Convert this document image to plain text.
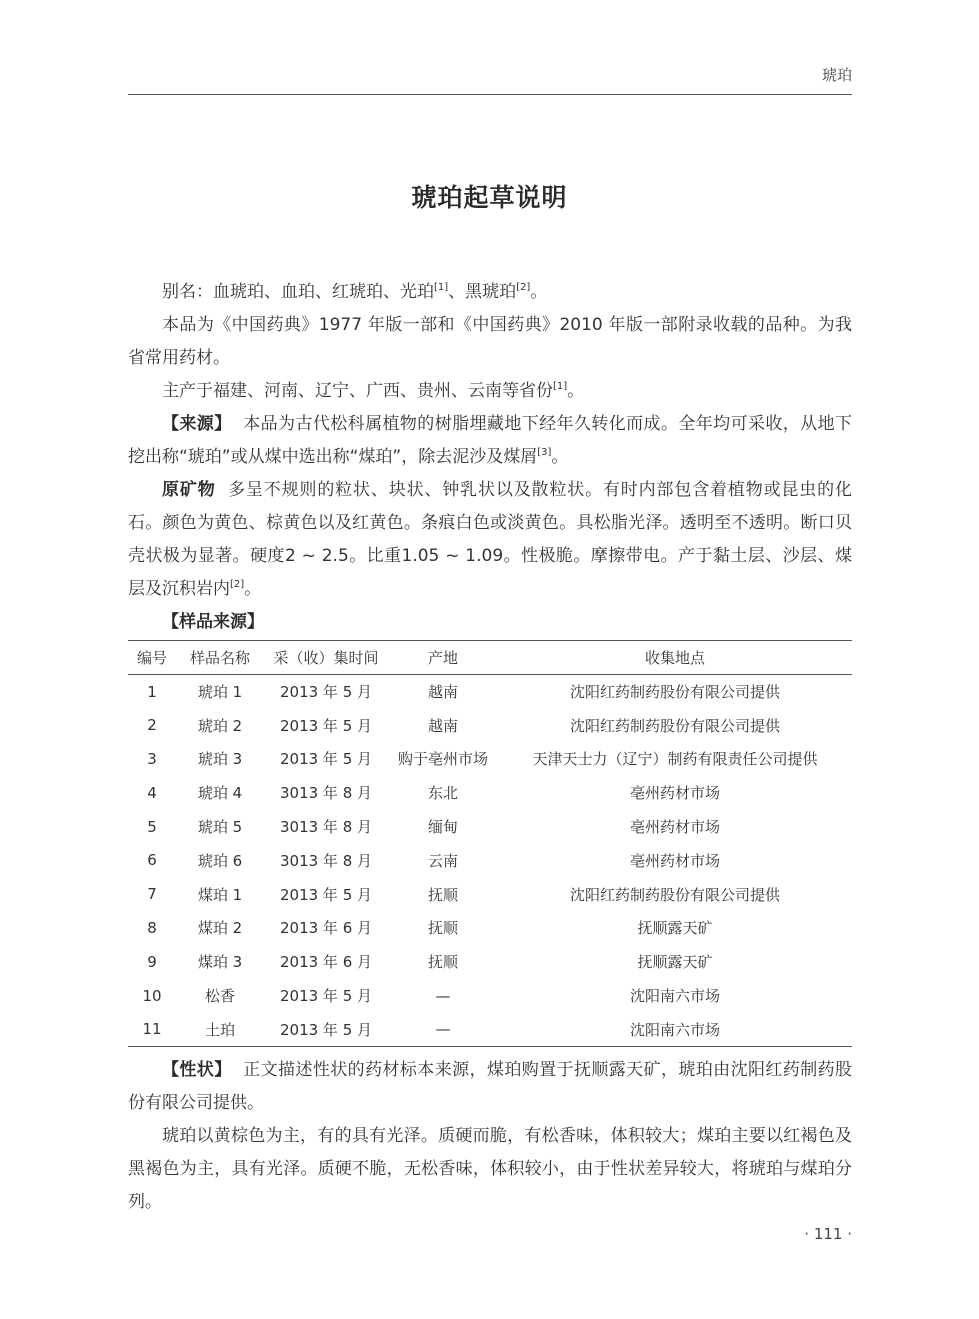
琥珀
琥珀起草说明

别名：血琥珀、血珀、红琥珀、光珀[1]、黑琥珀[2]。

本品为《中国药典》1977 年版一部和《中国药典》2010 年版一部附录收载的品种。为我省常用药材。

主产于福建、河南、辽宁、广西、贵州、云南等省份[1]。

【来源】 本品为古代松科属植物的树脂埋藏地下经年久转化而成。全年均可采收，从地下挖出称“琥珀”或从煤中选出称“煤珀”，除去泥沙及煤屑[3]。

原矿物 多呈不规则的粒状、块状、钟乳状以及散粒状。有时内部包含着植物或昆虫的化石。颜色为黄色、棕黄色以及红黄色。条痕白色或淡黄色。具松脂光泽。透明至不透明。断口贝壳状极为显著。硬度2 ~ 2.5。比重1.05 ~ 1.09。性极脆。摩擦带电。产于黏土层、沙层、煤层及沉积岩内[2]。

【样品来源】

编号	样品名称	采（收）集时间	产地	收集地点
1	琥珀 1	2013 年 5 月	越南	沈阳红药制药股份有限公司提供
2	琥珀 2	2013 年 5 月	越南	沈阳红药制药股份有限公司提供
3	琥珀 3	2013 年 5 月	购于亳州市场	天津天士力（辽宁）制药有限责任公司提供
4	琥珀 4	3013 年 8 月	东北	亳州药材市场
5	琥珀 5	3013 年 8 月	缅甸	亳州药材市场
6	琥珀 6	3013 年 8 月	云南	亳州药材市场
7	煤珀 1	2013 年 5 月	抚顺	沈阳红药制药股份有限公司提供
8	煤珀 2	2013 年 6 月	抚顺	抚顺露天矿
9	煤珀 3	2013 年 6 月	抚顺	抚顺露天矿
10	松香	2013 年 5 月	—	沈阳南六市场
11	土珀	2013 年 5 月	—	沈阳南六市场

【性状】 正文描述性状的药材标本来源，煤珀购置于抚顺露天矿，琥珀由沈阳红药制药股份有限公司提供。

琥珀以黄棕色为主，有的具有光泽。质硬而脆，有松香味，体积较大；煤珀主要以红褐色及黑褐色为主，具有光泽。质硬不脆，无松香味，体积较小，由于性状差异较大，将琥珀与煤珀分列。

· 111 ·
